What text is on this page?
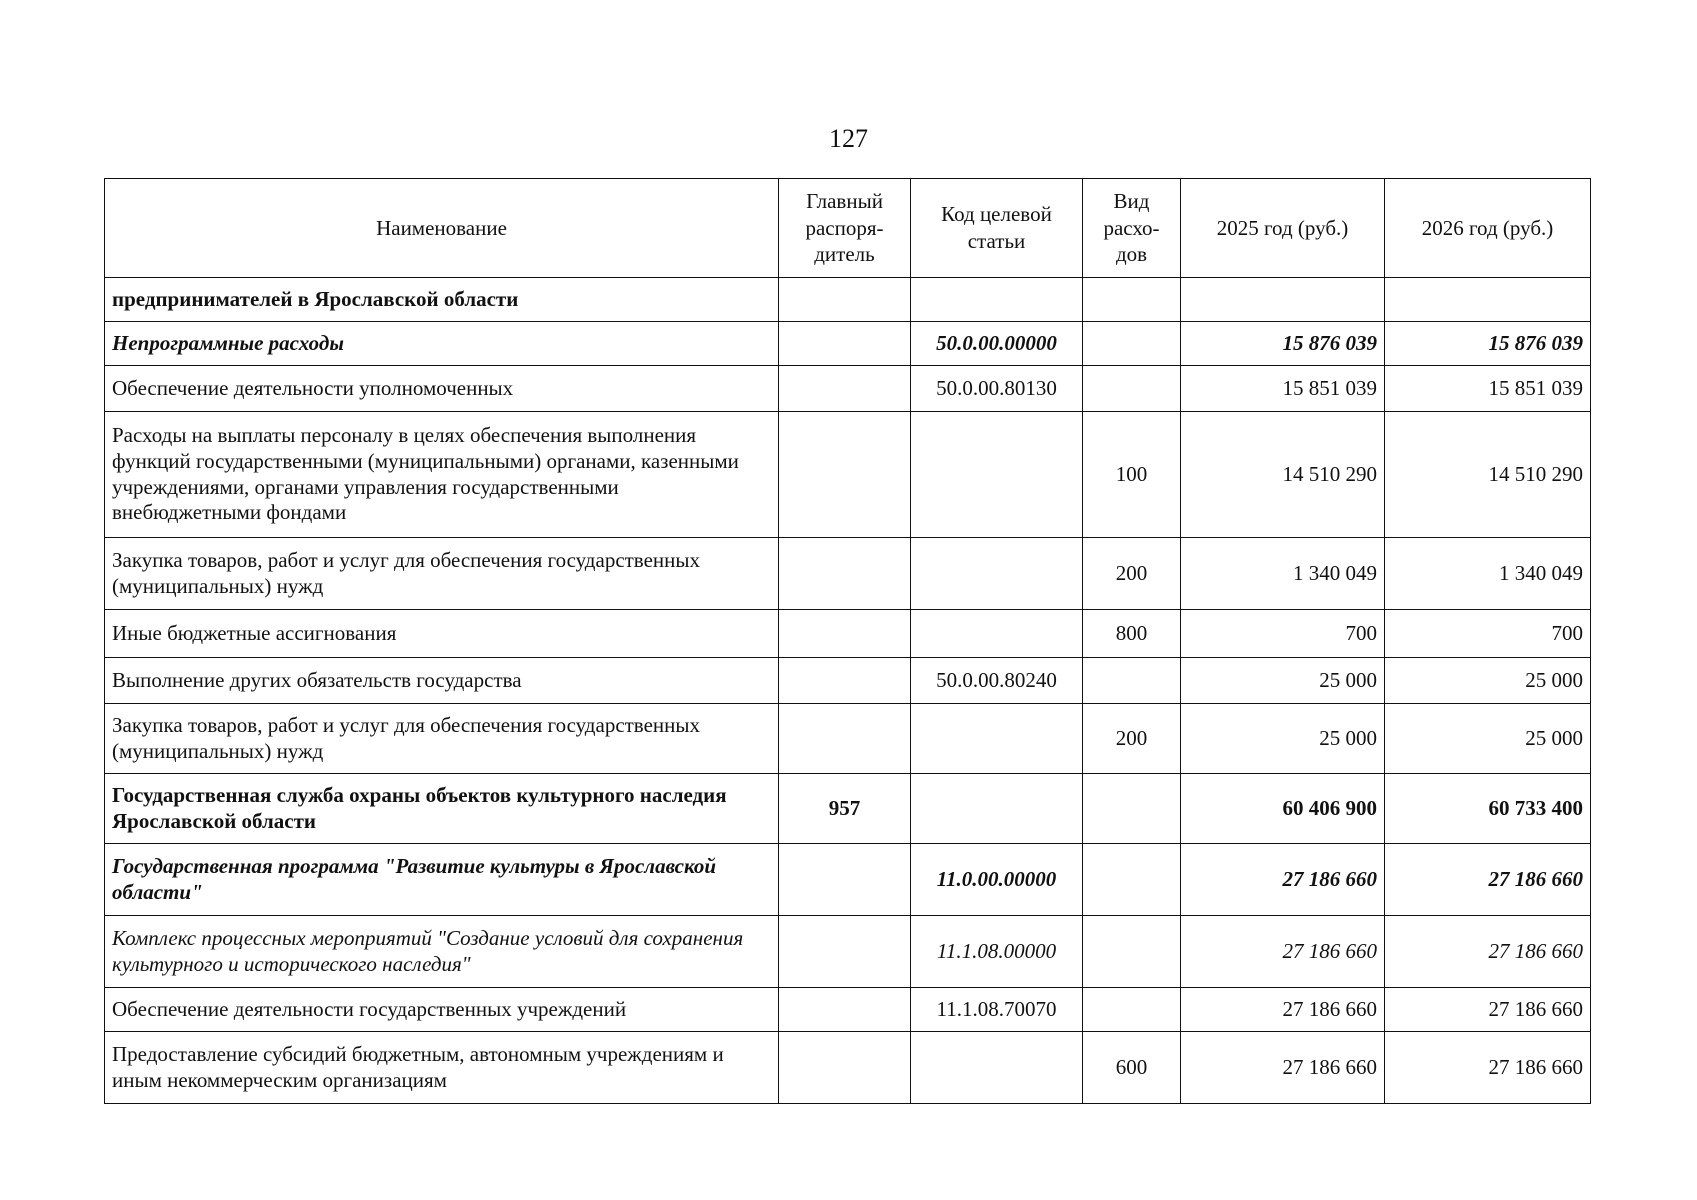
127
Наименование	Главный распоря- дитель	Код целевой статьи	Вид расхо- дов	2025 год (руб.)	2026 год (руб.)
предпринимателей в Ярославской области					
Непрограммные расходы		50.0.00.00000		15 876 039	15 876 039
Обеспечение деятельности уполномоченных		50.0.00.80130		15 851 039	15 851 039
Расходы на выплаты персоналу в целях обеспечения выполнения функций государственными (муниципальными) органами, казенными учреждениями, органами управления государственными внебюджетными фондами			100	14 510 290	14 510 290
Закупка товаров, работ и услуг для обеспечения государственных (муниципальных) нужд			200	1 340 049	1 340 049
Иные бюджетные ассигнования			800	700	700
Выполнение других обязательств государства		50.0.00.80240		25 000	25 000
Закупка товаров, работ и услуг для обеспечения государственных (муниципальных) нужд			200	25 000	25 000
Государственная служба охраны объектов культурного наследия Ярославской области	957			60 406 900	60 733 400
Государственная программа "Развитие культуры в Ярославской области"		11.0.00.00000		27 186 660	27 186 660
Комплекс процессных мероприятий "Создание условий для сохранения культурного и исторического наследия"		11.1.08.00000		27 186 660	27 186 660
Обеспечение деятельности государственных учреждений		11.1.08.70070		27 186 660	27 186 660
Предоставление субсидий бюджетным, автономным учреждениям и иным некоммерческим организациям			600	27 186 660	27 186 660
